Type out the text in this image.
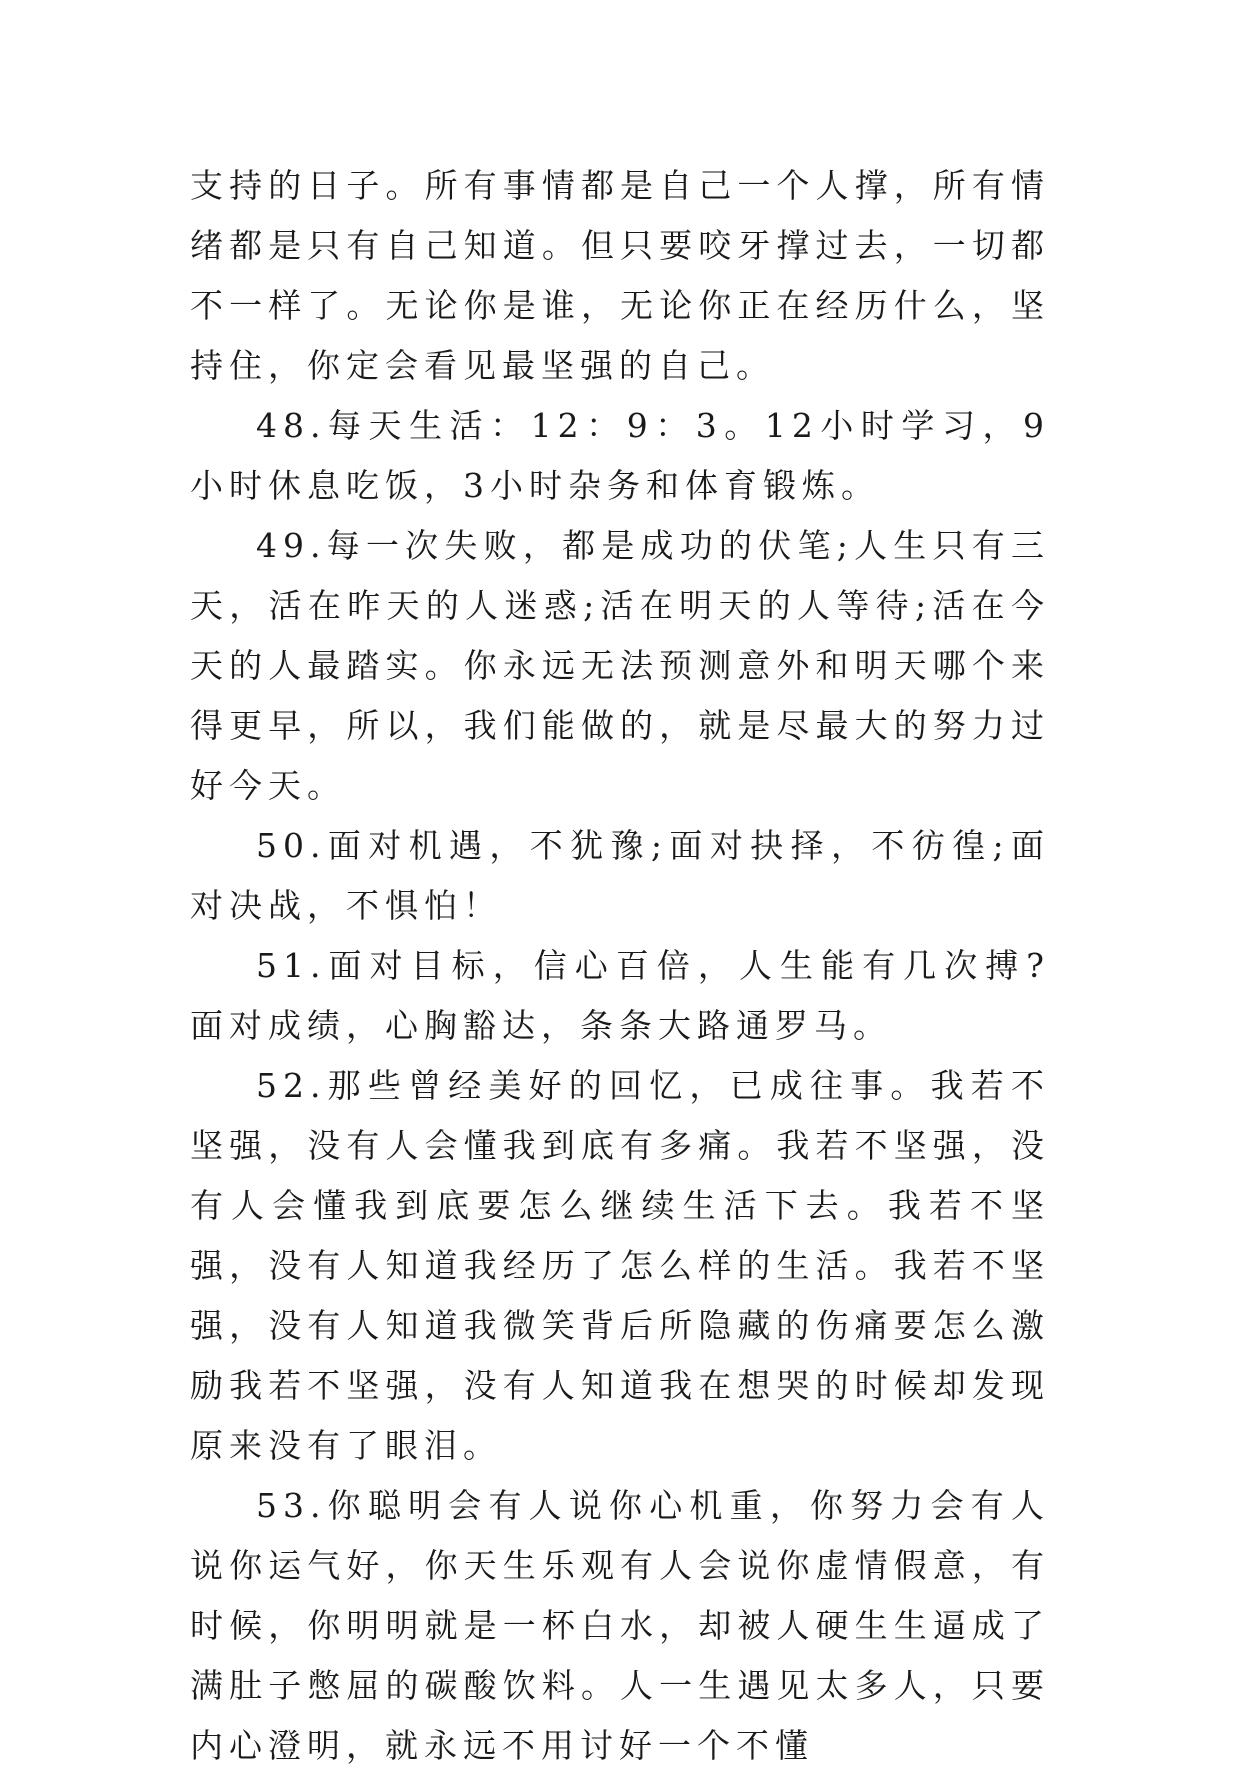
支持的日子。所有事情都是自己一个人撑，所有情绪都是只有自己知道。但只要咬牙撑过去，一切都不一样了。无论你是谁，无论你正在经历什么，坚持住，你定会看见最坚强的自己。

48.每天生活：12：9：3。12小时学习，9小时休息吃饭，3小时杂务和体育锻炼。

49.每一次失败，都是成功的伏笔;人生只有三天，活在昨天的人迷惑;活在明天的人等待;活在今天的人最踏实。你永远无法预测意外和明天哪个来得更早，所以，我们能做的，就是尽最大的努力过好今天。

50.面对机遇，不犹豫;面对抉择，不彷徨;面对决战，不惧怕！

51.面对目标，信心百倍，人生能有几次搏?面对成绩，心胸豁达，条条大路通罗马。

52.那些曾经美好的回忆，已成往事。我若不坚强，没有人会懂我到底有多痛。我若不坚强，没有人会懂我到底要怎么继续生活下去。我若不坚强，没有人知道我经历了怎么样的生活。我若不坚强，没有人知道我微笑背后所隐藏的伤痛要怎么激励我若不坚强，没有人知道我在想哭的时候却发现原来没有了眼泪。

53.你聪明会有人说你心机重，你努力会有人说你运气好，你天生乐观有人会说你虚情假意，有时候，你明明就是一杯白水，却被人硬生生逼成了满肚子憋屈的碳酸饮料。人一生遇见太多人，只要内心澄明，就永远不用讨好一个不懂
